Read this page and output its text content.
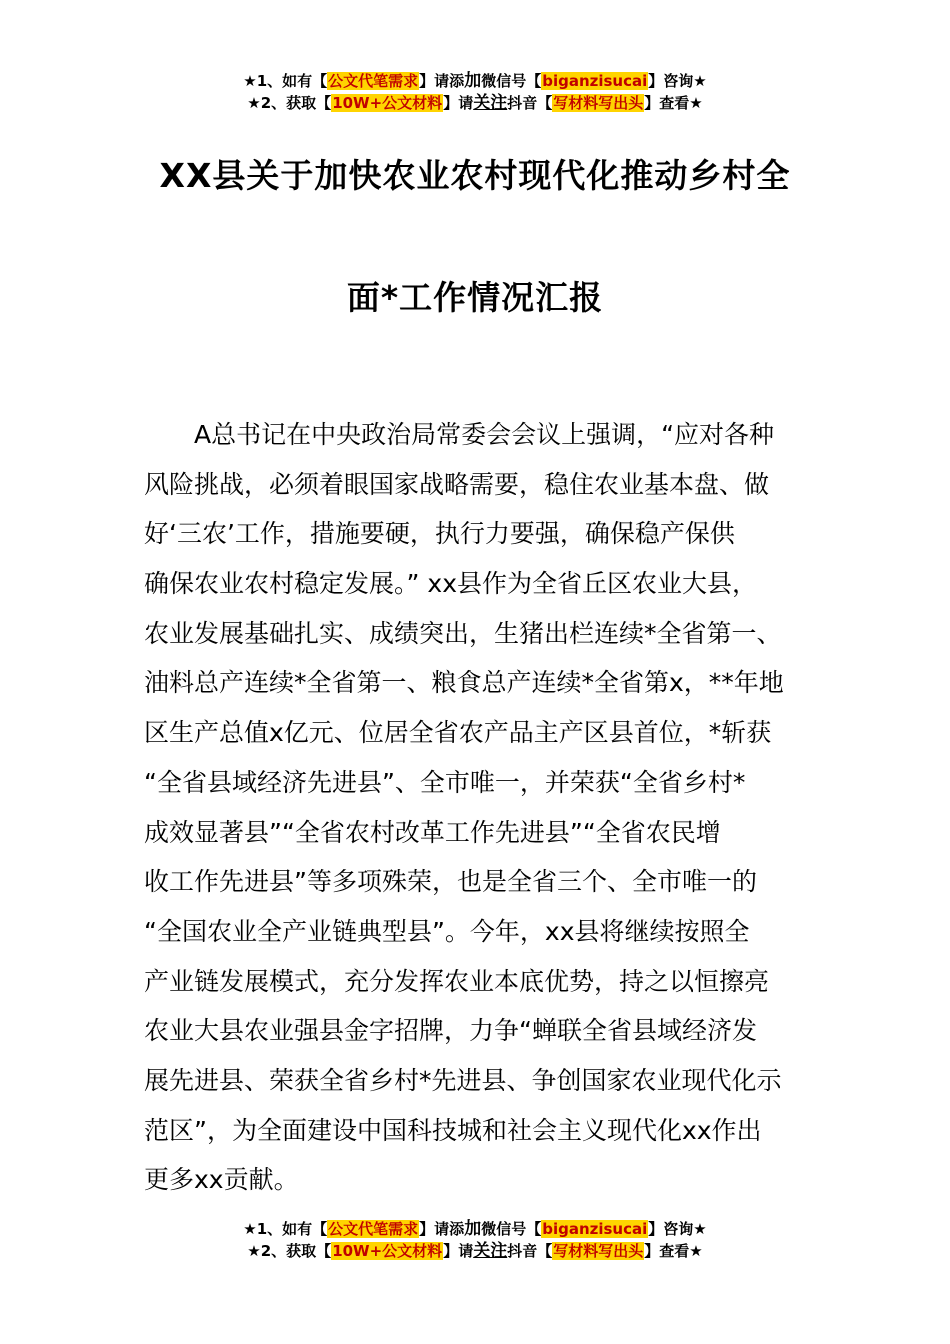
★1、如有【公文代笔需求】请添加微信号【biganzisucai】咨询★
★2、获取【10W+公文材料】请关注抖音【写材料写出头】查看★
XX县关于加快农业农村现代化推动乡村全
面*工作情况汇报
　　A总书记在中央政治局常委会会议上强调，“应对各种
风险挑战，必须着眼国家战略需要，稳住农业基本盘、做
好‘三农’工作，措施要硬，执行力要强，确保稳产保供
确保农业农村稳定发展。” xx县作为全省丘区农业大县，
农业发展基础扎实、成绩突出，生猪出栏连续*全省第一、
油料总产连续*全省第一、粮食总产连续*全省第x，**年地
区生产总值x亿元、位居全省农产品主产区县首位，*斩获
“全省县域经济先进县”、全市唯一，并荣获“全省乡村*
成效显著县”“全省农村改革工作先进县”“全省农民增
收工作先进县”等多项殊荣，也是全省三个、全市唯一的
“全国农业全产业链典型县”。今年，xx县将继续按照全
产业链发展模式，充分发挥农业本底优势，持之以恒擦亮
农业大县农业强县金字招牌，力争“蝉联全省县域经济发
展先进县、荣获全省乡村*先进县、争创国家农业现代化示
范区”，为全面建设中国科技城和社会主义现代化xx作出
更多xx贡献。
★1、如有【公文代笔需求】请添加微信号【biganzisucai】咨询★
★2、获取【10W+公文材料】请关注抖音【写材料写出头】查看★
